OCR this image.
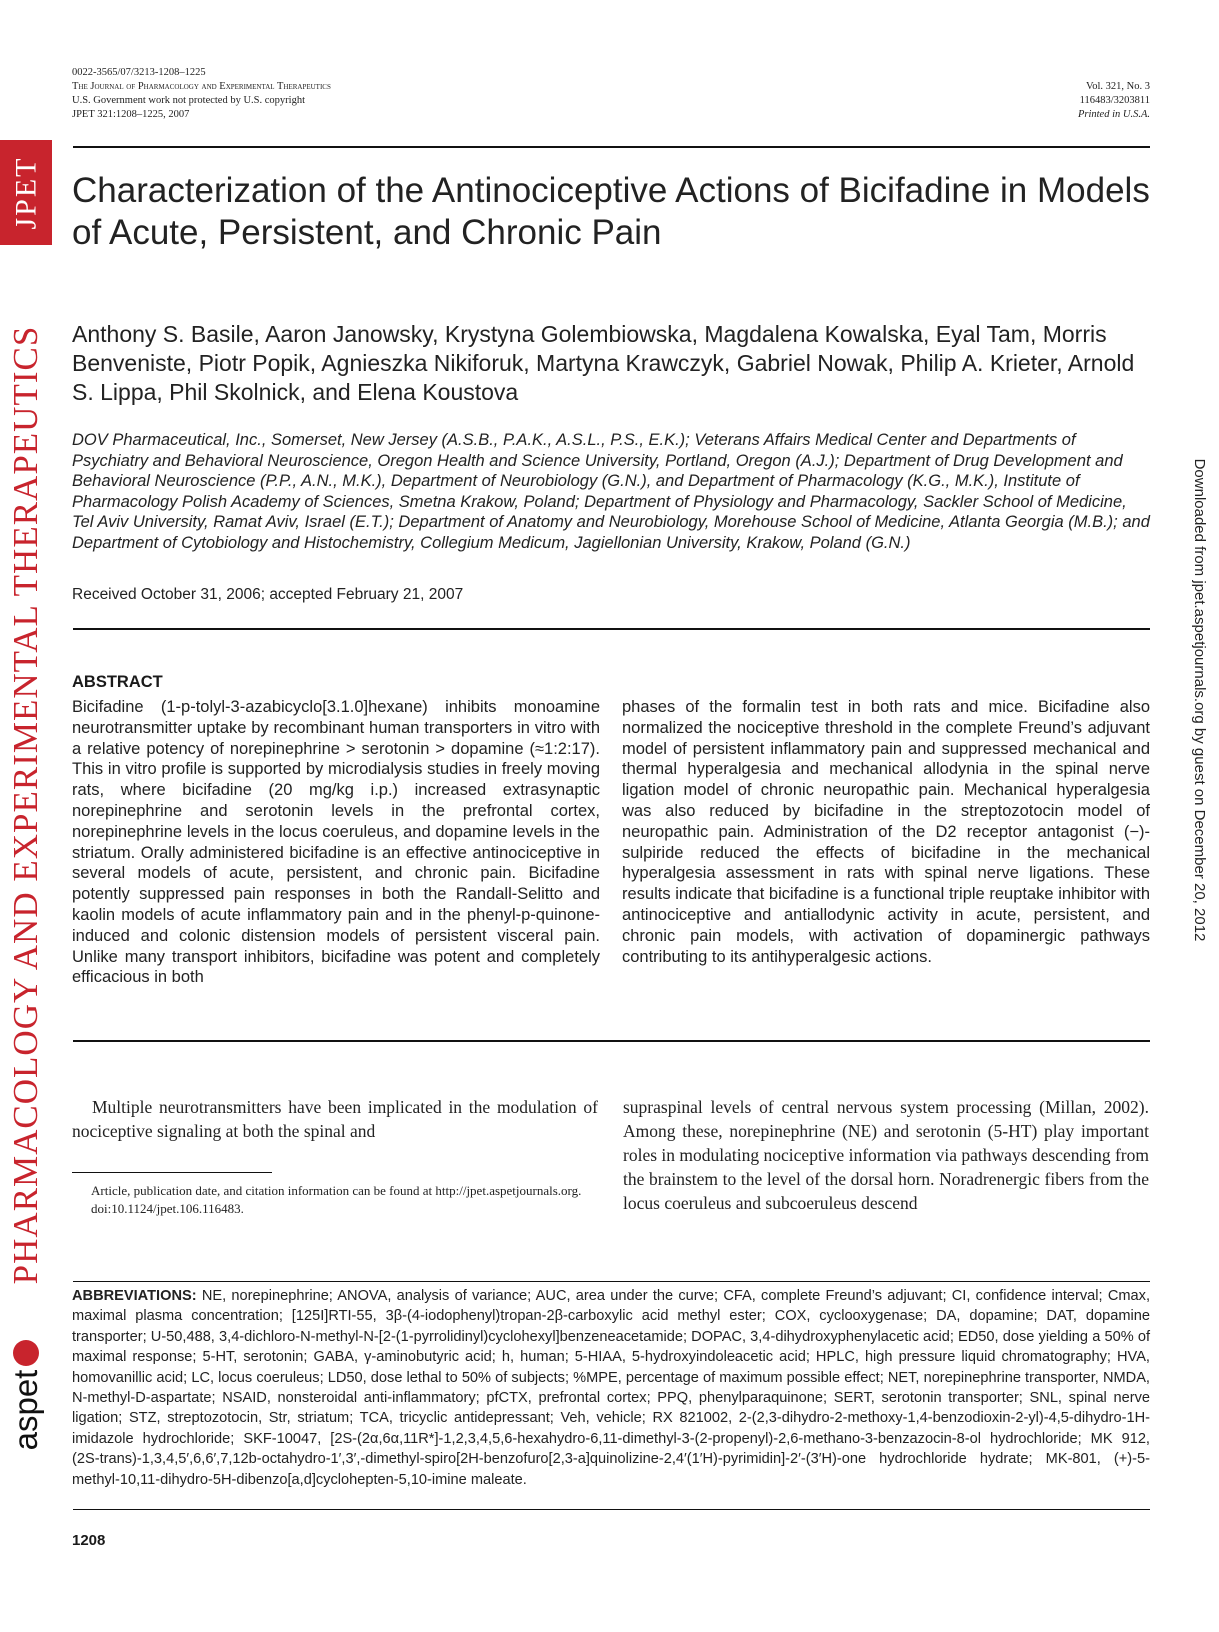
0022-3565/07/3213-1208–1225
The Journal of Pharmacology and Experimental Therapeutics
U.S. Government work not protected by U.S. copyright
JPET 321:1208–1225, 2007
Vol. 321, No. 3
116483/3203811
Printed in U.S.A.
JPET
PHARMACOLOGY AND EXPERIMENTAL THERAPEUTICS
aspet
Downloaded from jpet.aspetjournals.org by guest on December 20, 2012
Characterization of the Antinociceptive Actions of Bicifadine in Models of Acute, Persistent, and Chronic Pain
Anthony S. Basile, Aaron Janowsky, Krystyna Golembiowska, Magdalena Kowalska, Eyal Tam, Morris Benveniste, Piotr Popik, Agnieszka Nikiforuk, Martyna Krawczyk, Gabriel Nowak, Philip A. Krieter, Arnold S. Lippa, Phil Skolnick, and Elena Koustova
DOV Pharmaceutical, Inc., Somerset, New Jersey (A.S.B., P.A.K., A.S.L., P.S., E.K.); Veterans Affairs Medical Center and Departments of Psychiatry and Behavioral Neuroscience, Oregon Health and Science University, Portland, Oregon (A.J.); Department of Drug Development and Behavioral Neuroscience (P.P., A.N., M.K.), Department of Neurobiology (G.N.), and Department of Pharmacology (K.G., M.K.), Institute of Pharmacology Polish Academy of Sciences, Smetna Krakow, Poland; Department of Physiology and Pharmacology, Sackler School of Medicine, Tel Aviv University, Ramat Aviv, Israel (E.T.); Department of Anatomy and Neurobiology, Morehouse School of Medicine, Atlanta Georgia (M.B.); and Department of Cytobiology and Histochemistry, Collegium Medicum, Jagiellonian University, Krakow, Poland (G.N.)
Received October 31, 2006; accepted February 21, 2007
ABSTRACT
Bicifadine (1-p-tolyl-3-azabicyclo[3.1.0]hexane) inhibits monoamine neurotransmitter uptake by recombinant human transporters in vitro with a relative potency of norepinephrine > serotonin > dopamine (≈1:2:17). This in vitro profile is supported by microdialysis studies in freely moving rats, where bicifadine (20 mg/kg i.p.) increased extrasynaptic norepinephrine and serotonin levels in the prefrontal cortex, norepinephrine levels in the locus coeruleus, and dopamine levels in the striatum. Orally administered bicifadine is an effective antinociceptive in several models of acute, persistent, and chronic pain. Bicifadine potently suppressed pain responses in both the Randall-Selitto and kaolin models of acute inflammatory pain and in the phenyl-p-quinone-induced and colonic distension models of persistent visceral pain. Unlike many transport inhibitors, bicifadine was potent and completely efficacious in both
phases of the formalin test in both rats and mice. Bicifadine also normalized the nociceptive threshold in the complete Freund’s adjuvant model of persistent inflammatory pain and suppressed mechanical and thermal hyperalgesia and mechanical allodynia in the spinal nerve ligation model of chronic neuropathic pain. Mechanical hyperalgesia was also reduced by bicifadine in the streptozotocin model of neuropathic pain. Administration of the D2 receptor antagonist (−)-sulpiride reduced the effects of bicifadine in the mechanical hyperalgesia assessment in rats with spinal nerve ligations. These results indicate that bicifadine is a functional triple reuptake inhibitor with antinociceptive and antiallodynic activity in acute, persistent, and chronic pain models, with activation of dopaminergic pathways contributing to its antihyperalgesic actions.
Multiple neurotransmitters have been implicated in the modulation of nociceptive signaling at both the spinal and
supraspinal levels of central nervous system processing (Millan, 2002). Among these, norepinephrine (NE) and serotonin (5-HT) play important roles in modulating nociceptive information via pathways descending from the brainstem to the level of the dorsal horn. Noradrenergic fibers from the locus coeruleus and subcoeruleus descend

Article, publication date, and citation information can be found at http://jpet.aspetjournals.org.

doi:10.1124/jpet.106.116483.

ABBREVIATIONS: NE, norepinephrine; ANOVA, analysis of variance; AUC, area under the curve; CFA, complete Freund’s adjuvant; CI, confidence interval; Cmax, maximal plasma concentration; [125I]RTI-55, 3β-(4-iodophenyl)tropan-2β-carboxylic acid methyl ester; COX, cyclooxygenase; DA, dopamine; DAT, dopamine transporter; U-50,488, 3,4-dichloro-N-methyl-N-[2-(1-pyrrolidinyl)cyclohexyl]benzeneacetamide; DOPAC, 3,4-dihydroxyphenylacetic acid; ED50, dose yielding a 50% of maximal response; 5-HT, serotonin; GABA, γ-aminobutyric acid; h, human; 5-HIAA, 5-hydroxyindoleacetic acid; HPLC, high pressure liquid chromatography; HVA, homovanillic acid; LC, locus coeruleus; LD50, dose lethal to 50% of subjects; %MPE, percentage of maximum possible effect; NET, norepinephrine transporter, NMDA, N-methyl-D-aspartate; NSAID, nonsteroidal anti-inflammatory; pfCTX, prefrontal cortex; PPQ, phenylparaquinone; SERT, serotonin transporter; SNL, spinal nerve ligation; STZ, streptozotocin, Str, striatum; TCA, tricyclic antidepressant; Veh, vehicle; RX 821002, 2-(2,3-dihydro-2-methoxy-1,4-benzodioxin-2-yl)-4,5-dihydro-1H-imidazole hydrochloride; SKF-10047, [2S-(2α,6α,11R*]-1,2,3,4,5,6-hexahydro-6,11-dimethyl-3-(2-propenyl)-2,6-methano-3-benzazocin-8-ol hydrochloride; MK 912, (2S-trans)-1,3,4,5′,6,6′,7,12b-octahydro-1′,3′,-dimethyl-spiro[2H-benzofuro[2,3-a]quinolizine-2,4′(1′H)-pyrimidin]-2′-(3′H)-one hydrochloride hydrate; MK-801, (+)-5-methyl-10,11-dihydro-5H-dibenzo[a,d]cyclohepten-5,10-imine maleate.
1208
